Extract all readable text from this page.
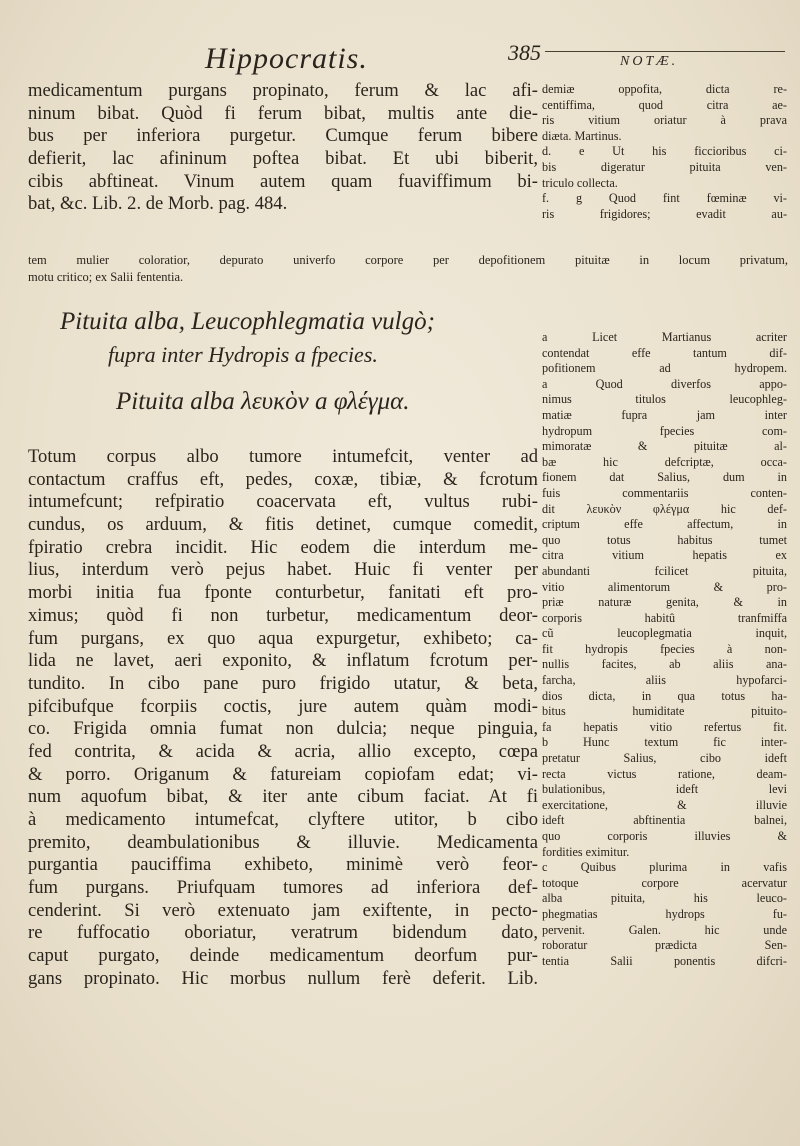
Hippocratis.	385	NOTÆ.
medicamentum purgans propinato, ferum & lac afi-
ninum bibat. Quòd fi ferum bibat, multis ante die-
bus per inferiora purgetur. Cumque ferum bibere
defierit, lac afininum poftea bibat. Et ubi biberit,
cibis abftineat. Vinum autem quam fuaviffimum bi-
bat, &c. Lib. 2. de Morb. pag. 484.
demiæ oppofita, dicta re-
centiffima, quod citra ae-
ris vitium oriatur à prava
diæta. Martinus.
d. e Ut his ficcioribus ci-
bis digeratur pituita ven-
triculo collecta.
f. g Quod fint fœminæ vi-
ris frigidores; evadit au-
tem mulier coloratior, depurato univerfo corpore per depofitionem pituitæ in locum privatum,
motu critico; ex Salii fententia.
Pituita alba, Leucophlegmatia vulgò;
fupra inter Hydropis a fpecies.
Pituita alba λευκὸν a φλέγμα.
Totum corpus albo tumore intumefcit, venter ad
contactum craffus eft, pedes, coxæ, tibiæ, & fcrotum
intumefcunt; refpiratio coacervata eft, vultus rubi-
cundus, os arduum, & fitis detinet, cumque comedit,
fpiratio crebra incidit. Hic eodem die interdum me-
lius, interdum verò pejus habet. Huic fi venter per
morbi initia fua fponte conturbetur, fanitati eft pro-
ximus; quòd fi non turbetur, medicamentum deor-
fum purgans, ex quo aqua expurgetur, exhibeto; ca-
lida ne lavet, aeri exponito, & inflatum fcrotum per-
tundito. In cibo pane puro frigido utatur, & beta,
pifcibufque fcorpiis coctis, jure autem quàm modi-
co. Frigida omnia fumat non dulcia; neque pinguia,
fed contrita, & acida & acria, allio excepto, cœpa
& porro. Origanum & fatureiam copiofam edat; vi-
num aquofum bibat, & iter ante cibum faciat. At fi
à medicamento intumefcat, clyftere utitor, b cibo
premito, deambulationibus & illuvie. Medicamenta
purgantia pauciffima exhibeto, minimè verò feor-
fum purgans. Priufquam tumores ad inferiora def-
cenderint. Si verò extenuato jam exiftente, in pecto-
re fuffocatio oboriatur, veratrum bidendum dato,
caput purgato, deinde medicamentum deorfum pur-
gans propinato. Hic morbus nullum ferè deferit. Lib.
a Licet Martianus acriter
contendat effe tantum dif-
pofitionem ad hydropem.
a Quod diverfos appo-
nimus titulos leucophleg-
matiæ fupra jam inter
hydropum fpecies com-
mimoratæ & pituitæ al-
bæ hic defcriptæ, occa-
fionem dat Salius, dum in
fuis commentariis conten-
dit λευκὸν φλέγμα hic def-
criptum effe affectum, in
quo totus habitus tumet
citra vitium hepatis ex
abundanti fcilicet pituita,
vitio alimentorum & pro-
priæ naturæ genita, & in
corporis habitû tranfmiffa
cũ leucoplegmatia inquit,
fit hydropis fpecies à non-
nullis facites, ab aliis ana-
farcha, aliis hypofarci-
dios dicta, in qua totus ha-
bitus humiditate pituito-
fa hepatis vitio refertus fit.
b Hunc textum fic inter-
pretatur Salius, cibo ideft
recta victus ratione, deam-
bulationibus, ideft levi
exercitatione, & illuvie
ideft abftinentia balnei,
quo corporis illuvies &
fordities eximitur.
c Quibus plurima in vafis
totoque corpore acervatur
alba pituita, his leuco-
phegmatias hydrops fu-
pervenit. Galen. hic unde
roboratur prædicta Sen-
tentia Salii ponentis difcri-
